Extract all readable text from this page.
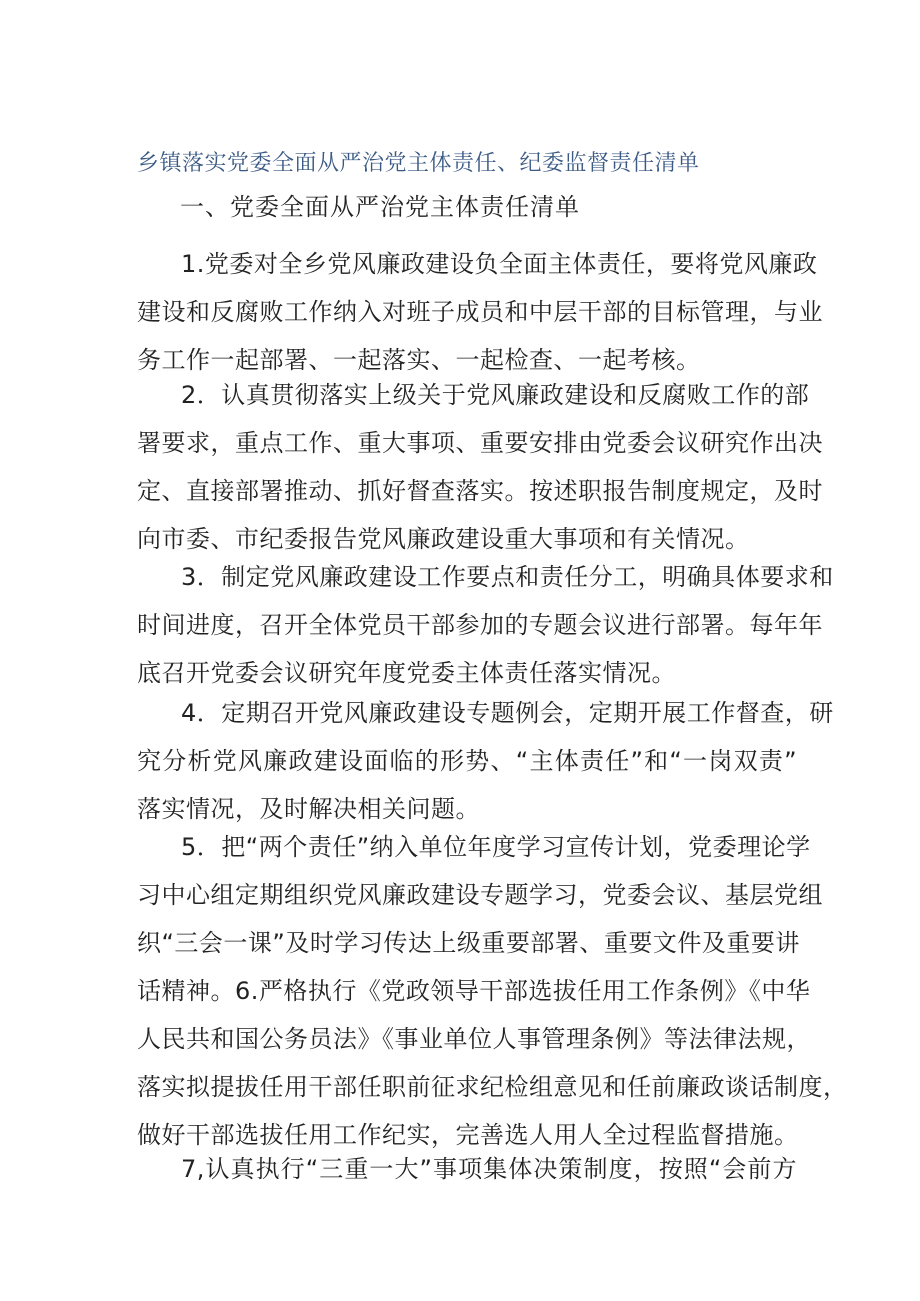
乡镇落实党委全面从严治党主体责任、纪委监督责任清单
一、党委全面从严治党主体责任清单
1.党委对全乡党风廉政建设负全面主体责任，要将党风廉政
建设和反腐败工作纳入对班子成员和中层干部的目标管理，与业
务工作一起部署、一起落实、一起检查、一起考核。
2．认真贯彻落实上级关于党风廉政建设和反腐败工作的部
署要求，重点工作、重大事项、重要安排由党委会议研究作出决
定、直接部署推动、抓好督查落实。按述职报告制度规定，及时
向市委、市纪委报告党风廉政建设重大事项和有关情况。
3．制定党风廉政建设工作要点和责任分工，明确具体要求和
时间进度，召开全体党员干部参加的专题会议进行部署。每年年
底召开党委会议研究年度党委主体责任落实情况。
4．定期召开党风廉政建设专题例会，定期开展工作督查，研
究分析党风廉政建设面临的形势、“主体责任”和“一岗双责”
落实情况，及时解决相关问题。
5．把“两个责任”纳入单位年度学习宣传计划，党委理论学
习中心组定期组织党风廉政建设专题学习，党委会议、基层党组
织“三会一课”及时学习传达上级重要部署、重要文件及重要讲
话精神。6.严格执行《党政领导干部选拔任用工作条例》《中华
人民共和国公务员法》《事业单位人事管理条例》等法律法规，
落实拟提拔任用干部任职前征求纪检组意见和任前廉政谈话制度，
做好干部选拔任用工作纪实，完善选人用人全过程监督措施。
7,认真执行“三重一大”事项集体决策制度，按照“会前方
